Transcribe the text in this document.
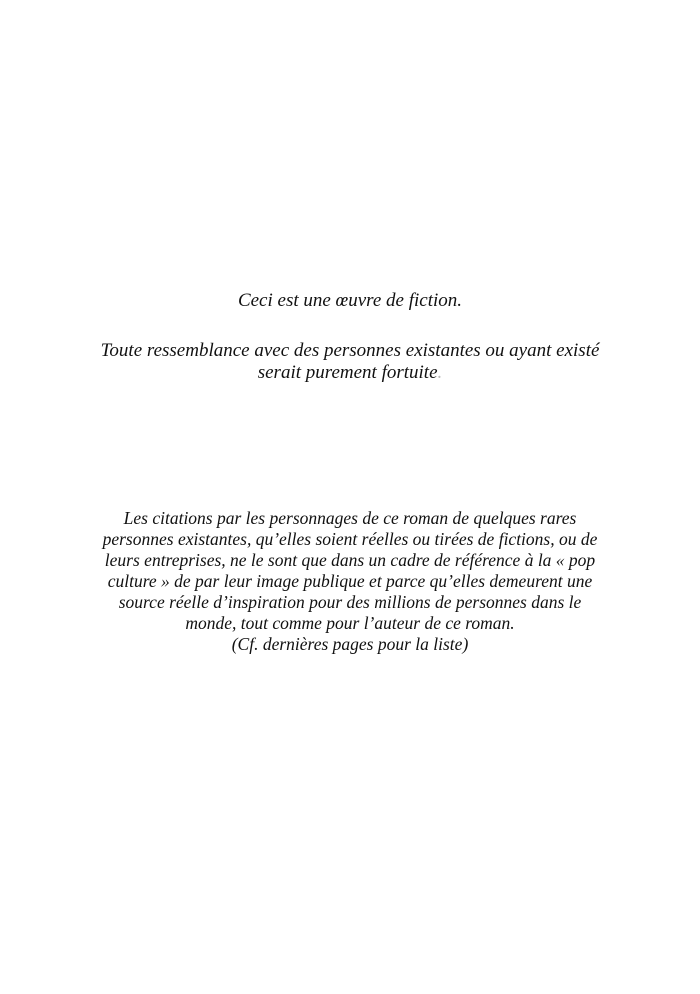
Ceci est une œuvre de fiction.
Toute ressemblance avec des personnes existantes ou ayant existé
serait purement fortuite.
Les citations par les personnages de ce roman de quelques rares
personnes existantes, qu’elles soient réelles ou tirées de fictions, ou de
leurs entreprises, ne le sont que dans un cadre de référence à la « pop
culture » de par leur image publique et parce qu’elles demeurent une
source réelle d’inspiration pour des millions de personnes dans le
monde, tout comme pour l’auteur de ce roman.
(Cf. dernières pages pour la liste)
